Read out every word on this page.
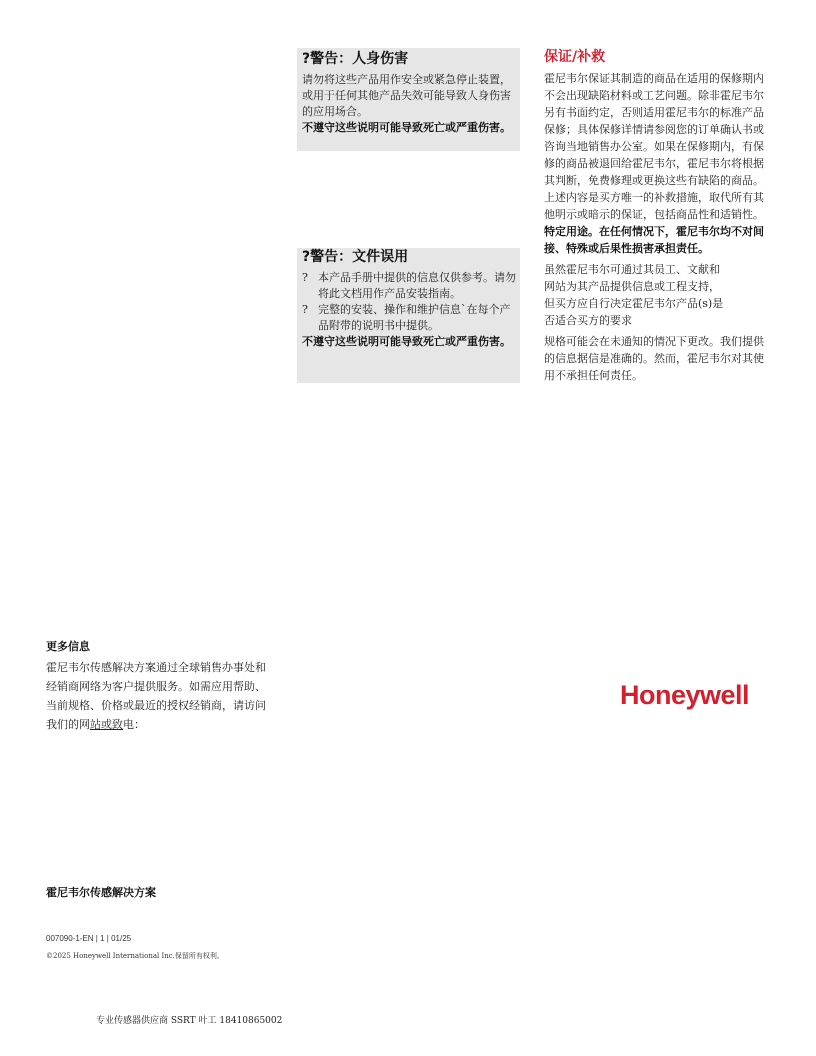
?警告：人身伤害

请勿将这些产品用作安全或紧急停止装置，或用于任何其他产品失效可能导致人身伤害的应用场合。

不遵守这些说明可能导致死亡或严重伤害。

?警告：文件误用

? 本产品手册中提供的信息仅供参考。请勿将此文档用作产品安装指南。
? 完整的安装、操作和维护信息`在每个产品附带的说明书中提供。

不遵守这些说明可能导致死亡或严重伤害。

保证/补救

霍尼韦尔保证其制造的商品在适用的保修期内不会出现缺陷材料或工艺问题。除非霍尼韦尔另有书面约定，否则适用霍尼韦尔的标准产品保修；具体保修详情请参阅您的订单确认书或咨询当地销售办公室。如果在保修期内，有保修的商品被退回给霍尼韦尔，霍尼韦尔将根据其判断，免费修理或更换这些有缺陷的商品。上述内容是买方唯一的补救措施，取代所有其他明示或暗示的保证，包括商品性和适销性。

特定用途。在任何情况下，霍尼韦尔均不对间接、特殊或后果性损害承担责任。

虽然霍尼韦尔可通过其员工、文献和
网站为其产品提供信息或工程支持，
但买方应自行决定霍尼韦尔产品(s)是
否适合买方的要求

规格可能会在未通知的情况下更改。我们提供的信息据信是准确的。然而，霍尼韦尔对其使用不承担任何责任。

更多信息

霍尼韦尔传感解决方案通过全球销售办事处和经销商网络为客户提供服务。如需应用帮助、当前规格、价格或最近的授权经销商，请访问我们的网站或致电：

Honeywell
霍尼韦尔传感解决方案
007090-1-EN | 1 | 01/25
©2025 Honeywell International Inc.保留所有权利。
专业传感器供应商 SSRT 叶工 18410865002
